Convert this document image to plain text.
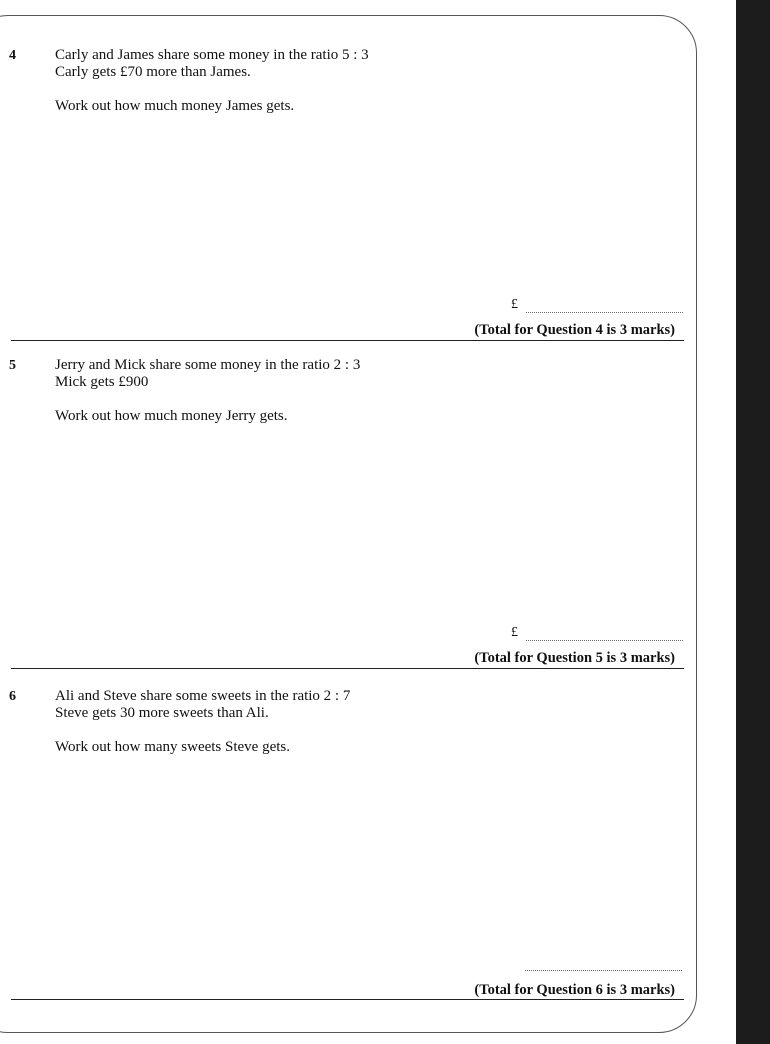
4	Carly and James share some money in the ratio 5 : 3

Carly gets £70 more than James.

Work out how much money James gets.

£
(Total for Question 4 is 3 marks)
5	Jerry and Mick share some money in the ratio 2 : 3

Mick gets £900

Work out how much money Jerry gets.

£
(Total for Question 5 is 3 marks)
6	Ali and Steve share some sweets in the ratio 2 : 7

Steve gets 30 more sweets than Ali.

Work out how many sweets Steve gets.

(Total for Question 6 is 3 marks)
